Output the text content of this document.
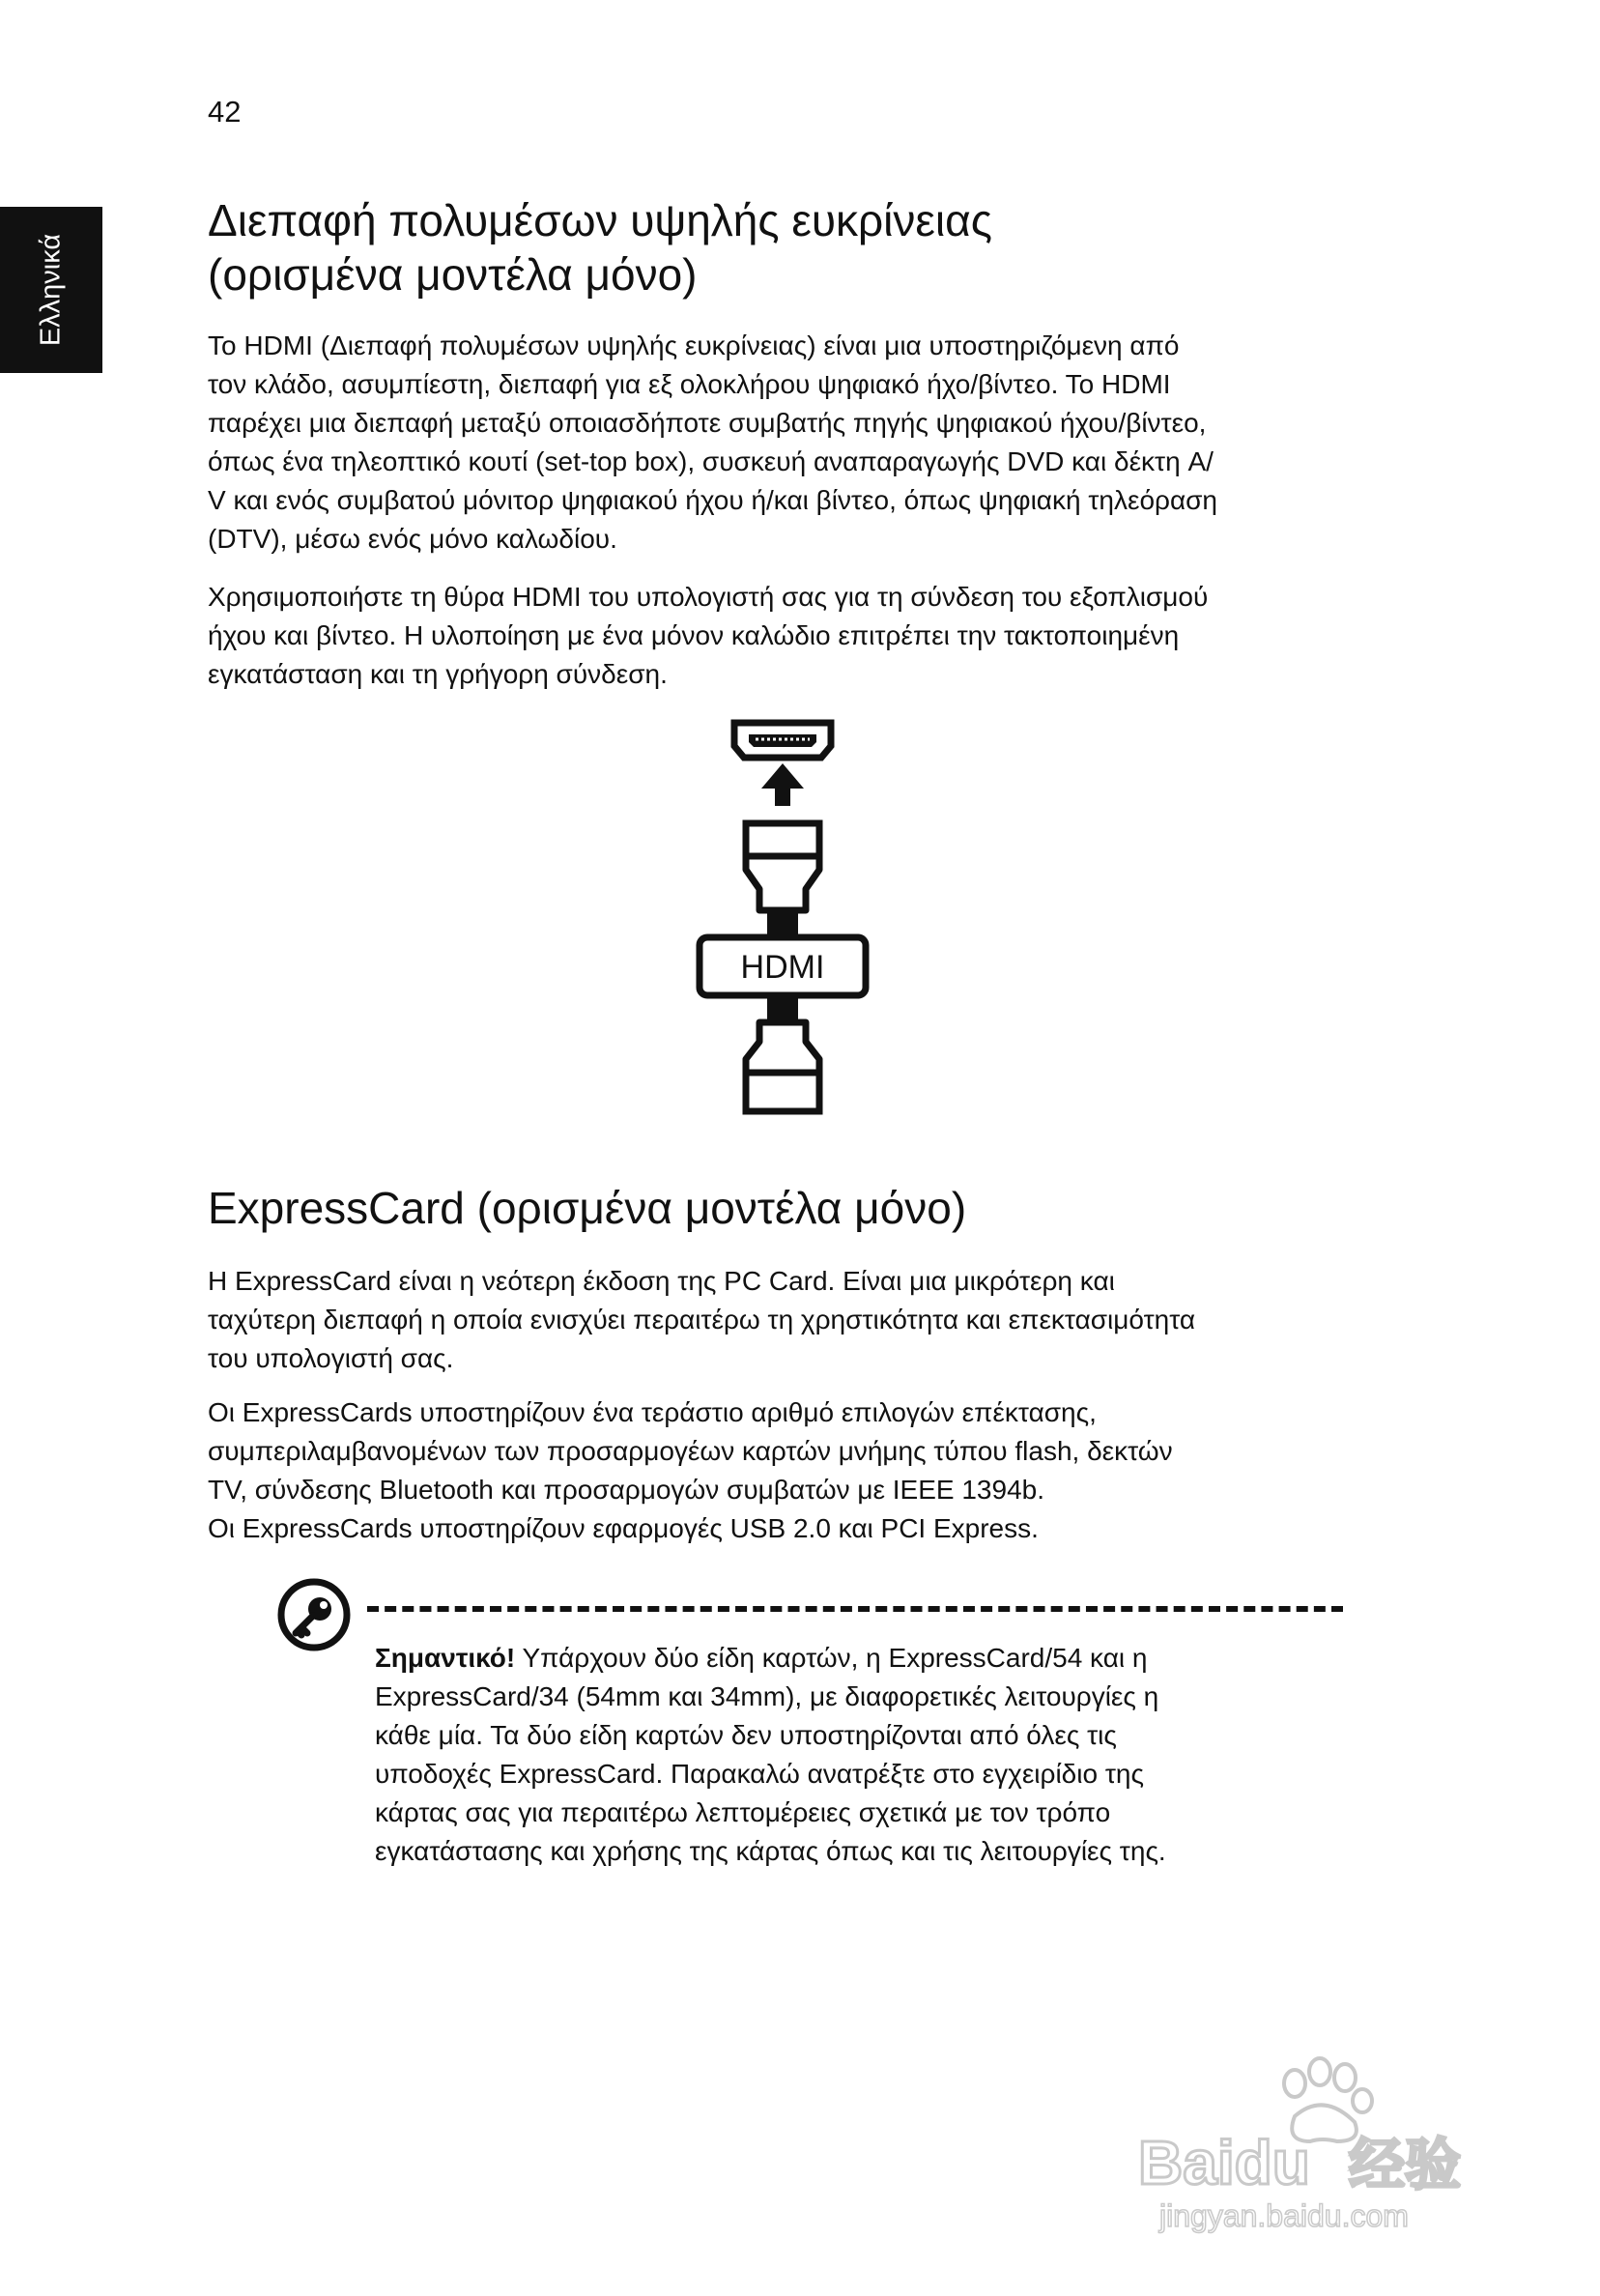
42
Ελληνικά
Διεπαφή πολυμέσων υψηλής ευκρίνειας
(ορισμένα μοντέλα μόνο)

Το HDMI (Διεπαφή πολυμέσων υψηλής ευκρίνειας) είναι μια υποστηριζόμενη από
τον κλάδο, ασυμπίεστη, διεπαφή για εξ ολοκλήρου ψηφιακό ήχο/βίντεο. Το HDMI
παρέχει μια διεπαφή μεταξύ οποιασδήποτε συμβατής πηγής ψηφιακού ήχου/βίντεο,
όπως ένα τηλεοπτικό κουτί (set-top box), συσκευή αναπαραγωγής DVD και δέκτη A/
V και ενός συμβατού μόνιτορ ψηφιακού ήχου ή/και βίντεο, όπως ψηφιακή τηλεόραση
(DTV), μέσω ενός μόνο καλωδίου.

Χρησιμοποιήστε τη θύρα HDMI του υπολογιστή σας για τη σύνδεση του εξοπλισμού
ήχου και βίντεο. Η υλοποίηση με ένα μόνον καλώδιο επιτρέπει την τακτοποιημένη
εγκατάσταση και τη γρήγορη σύνδεση.

HDMI
ExpressCard (ορισμένα μοντέλα μόνο)

Η ExpressCard είναι η νεότερη έκδοση της PC Card. Είναι μια μικρότερη και
ταχύτερη διεπαφή η οποία ενισχύει περαιτέρω τη χρηστικότητα και επεκτασιμότητα
του υπολογιστή σας.

Οι ExpressCards υποστηρίζουν ένα τεράστιο αριθμό επιλογών επέκτασης,
συμπεριλαμβανομένων των προσαρμογέων καρτών μνήμης τύπου flash, δεκτών
TV, σύνδεσης Bluetooth και προσαρμογών συμβατών με IEEE 1394b.
Οι ExpressCards υποστηρίζουν εφαρμογές USB 2.0 και PCI Express.

Σημαντικό! Υπάρχουν δύο είδη καρτών, η ExpressCard/54 και η
ExpressCard/34 (54mm και 34mm), με διαφορετικές λειτουργίες η
κάθε μία. Τα δύο είδη καρτών δεν υποστηρίζονται από όλες τις
υποδοχές ExpressCard. Παρακαλώ ανατρέξτε στο εγχειρίδιο της
κάρτας σας για περαιτέρω λεπτομέρειες σχετικά με τον τρόπο
εγκατάστασης και χρήσης της κάρτας όπως και τις λειτουργίες της.

Baidu 经验
jingyan.baidu.com
